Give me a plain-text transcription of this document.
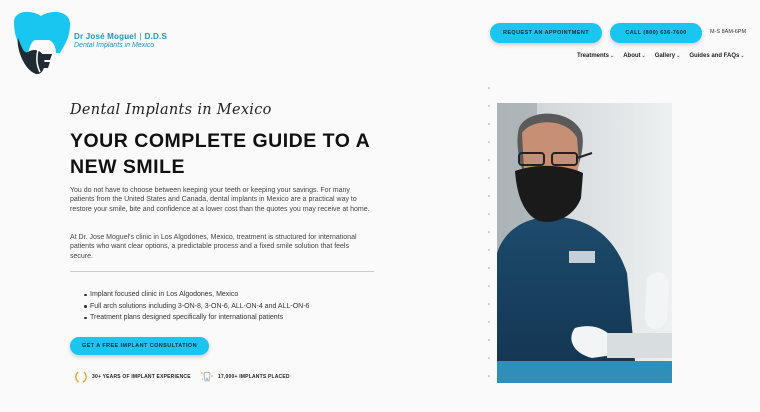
Dr José Moguel | D.D.S
Dental Implants in Mexico
REQUEST AN APPOINTMENT	CALL (800) 636-7600	M-S 8AM-6PM
Treatments ⌄ About ⌄ Gallery ⌄ Guides and FAQs ⌄
Dental Implants in Mexico
YOUR COMPLETE GUIDE TO A NEW SMILE

You do not have to choose between keeping your teeth or keeping your savings. For many patients from the United States and Canada, dental implants in Mexico are a practical way to restore your smile, bite and confidence at a lower cost than the quotes you may receive at home.

At Dr. Jose Moguel's clinic in Los Algodones, Mexico, treatment is structured for international patients who want clear options, a predictable process and a fixed smile solution that feels secure.

Implant focused clinic in Los Algodones, Mexico
Full arch solutions including 3-ON-8, 3-ON-6, ALL-ON-4 and ALL-ON-6
Treatment plans designed specifically for international patients
GET A FREE IMPLANT CONSULTATION
30+ YEARS OF IMPLANT EXPERIENCE	17,000+ IMPLANTS PLACED
